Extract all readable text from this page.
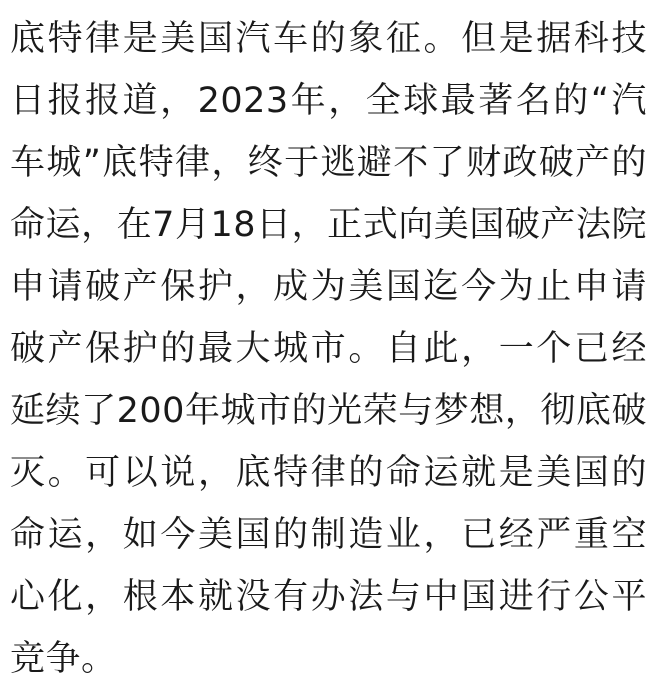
底特律是美国汽车的象征。但是据科技日报报道，2023年，全球最著名的“汽车城”底特律，终于逃避不了财政破产的命运，在7月18日，正式向美国破产法院申请破产保护，成为美国迄今为止申请破产保护的最大城市。自此，一个已经延续了200年城市的光荣与梦想，彻底破灭。可以说，底特律的命运就是美国的命运，如今美国的制造业，已经严重空心化，根本就没有办法与中国进行公平竞争。
